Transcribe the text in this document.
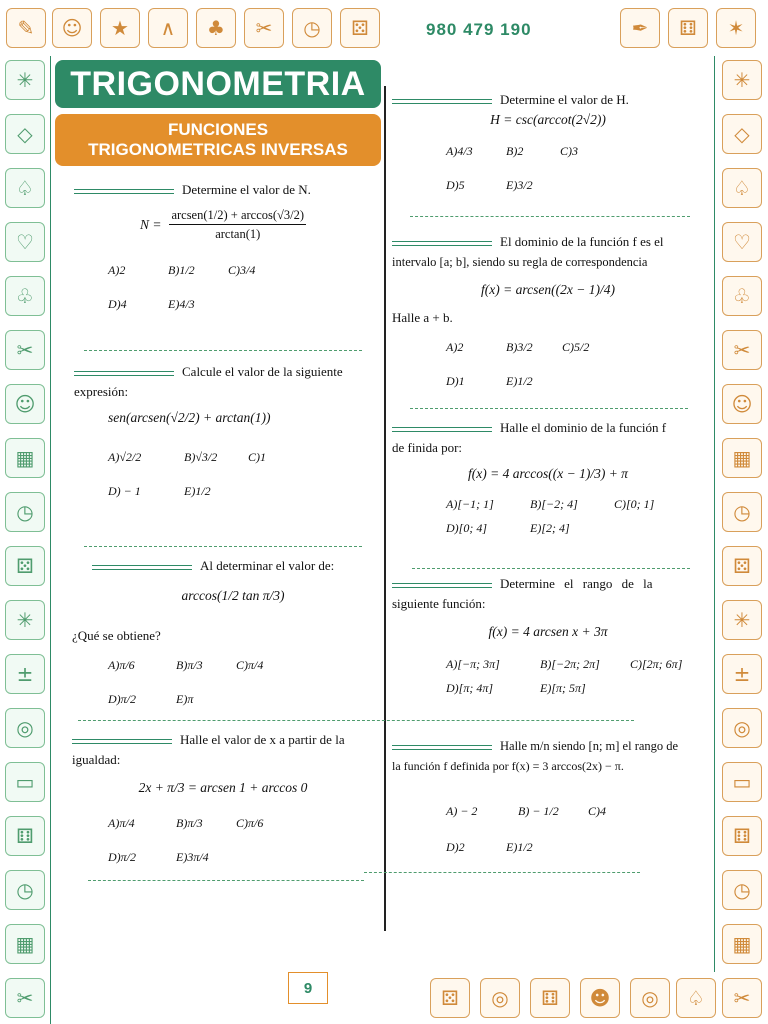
✎	☺	★	∧	♣	✂	◷	⚄	✒	⚅	✶
✳
◇
♤
♡
♧
✂
☺
▦
◷
⚄
✳
±
◎
▭
⚅
◷
▦
✂
✳
◇
♤
♡
♧
✂
☺
▦
◷
⚄
✳
±
◎
▭
⚅
◷
▦
✂
⚄	◎	⚅	☻	◎	♤
980 479 190
TRIGONOMETRIA
FUNCIONES
TRIGONOMETRICAS INVERSAS
Determine el valor de N.
$N = \frac{\text{arcsen(1/2) + arccos(√3/2)}}{\arctan(1)}$
A)2	B)1/2	C)3/4
D)4	E)4/3
Calcule el valor de la siguiente
expresión:
sen(arcsen(√2/2) + arctan(1))
A)√2/2	B)√3/2	C)1
D) − 1	E)1/2
Al determinar el valor de:
arccos(1/2 tan π/3)
¿Qué se obtiene?
A)π/6	B)π/3	C)π/4
D)π/2	E)π
Halle el valor de x a partir de la
igualdad:
2x + π/3 = arcsen 1 + arccos 0
A)π/4	B)π/3	C)π/6
D)π/2	E)3π/4
Determine el valor de H.
H = csc(arccot(2√2))
A)4/3	B)2	C)3
D)5	E)3/2
El dominio de la función f es el
intervalo [a; b], siendo su regla de correspondencia
f(x) = arcsen((2x − 1)/4)
Halle a + b.
A)2	B)3/2	C)5/2
D)1	E)1/2
Halle el dominio de la función f
de finida por:
f(x) = 4 arccos((x − 1)/3) + π
A)[−1; 1]	B)[−2; 4]	C)[0; 1]
D)[0; 4]	E)[2; 4]
Determine el rango de la
siguiente función:
f(x) = 4 arcsen x + 3π
A)[−π; 3π]	B)[−2π; 2π]	C)[2π; 6π]
D)[π; 4π]	E)[π; 5π]
Halle m/n siendo [n; m] el rango de
la función f definida por f(x) = 3 arccos(2x) − π.
A) − 2	B) − 1/2	C)4
D)2	E)1/2
9
